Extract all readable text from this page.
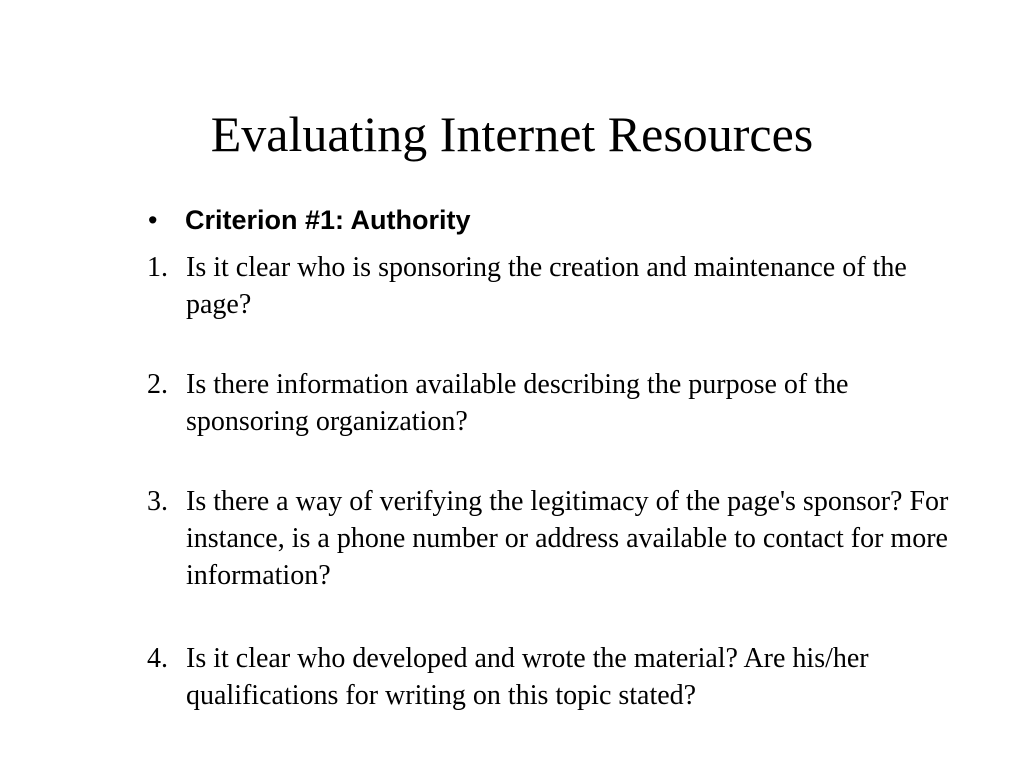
Evaluating Internet Resources
•	Criterion #1: Authority
1. Is it clear who is sponsoring the creation and maintenance of the page?
2. Is there information available describing the purpose of the sponsoring organization?
3. Is there a way of verifying the legitimacy of the page's sponsor? For instance, is a phone number or address available to contact for more information?
4. Is it clear who developed and wrote the material? Are his/her qualifications for writing on this topic stated?
